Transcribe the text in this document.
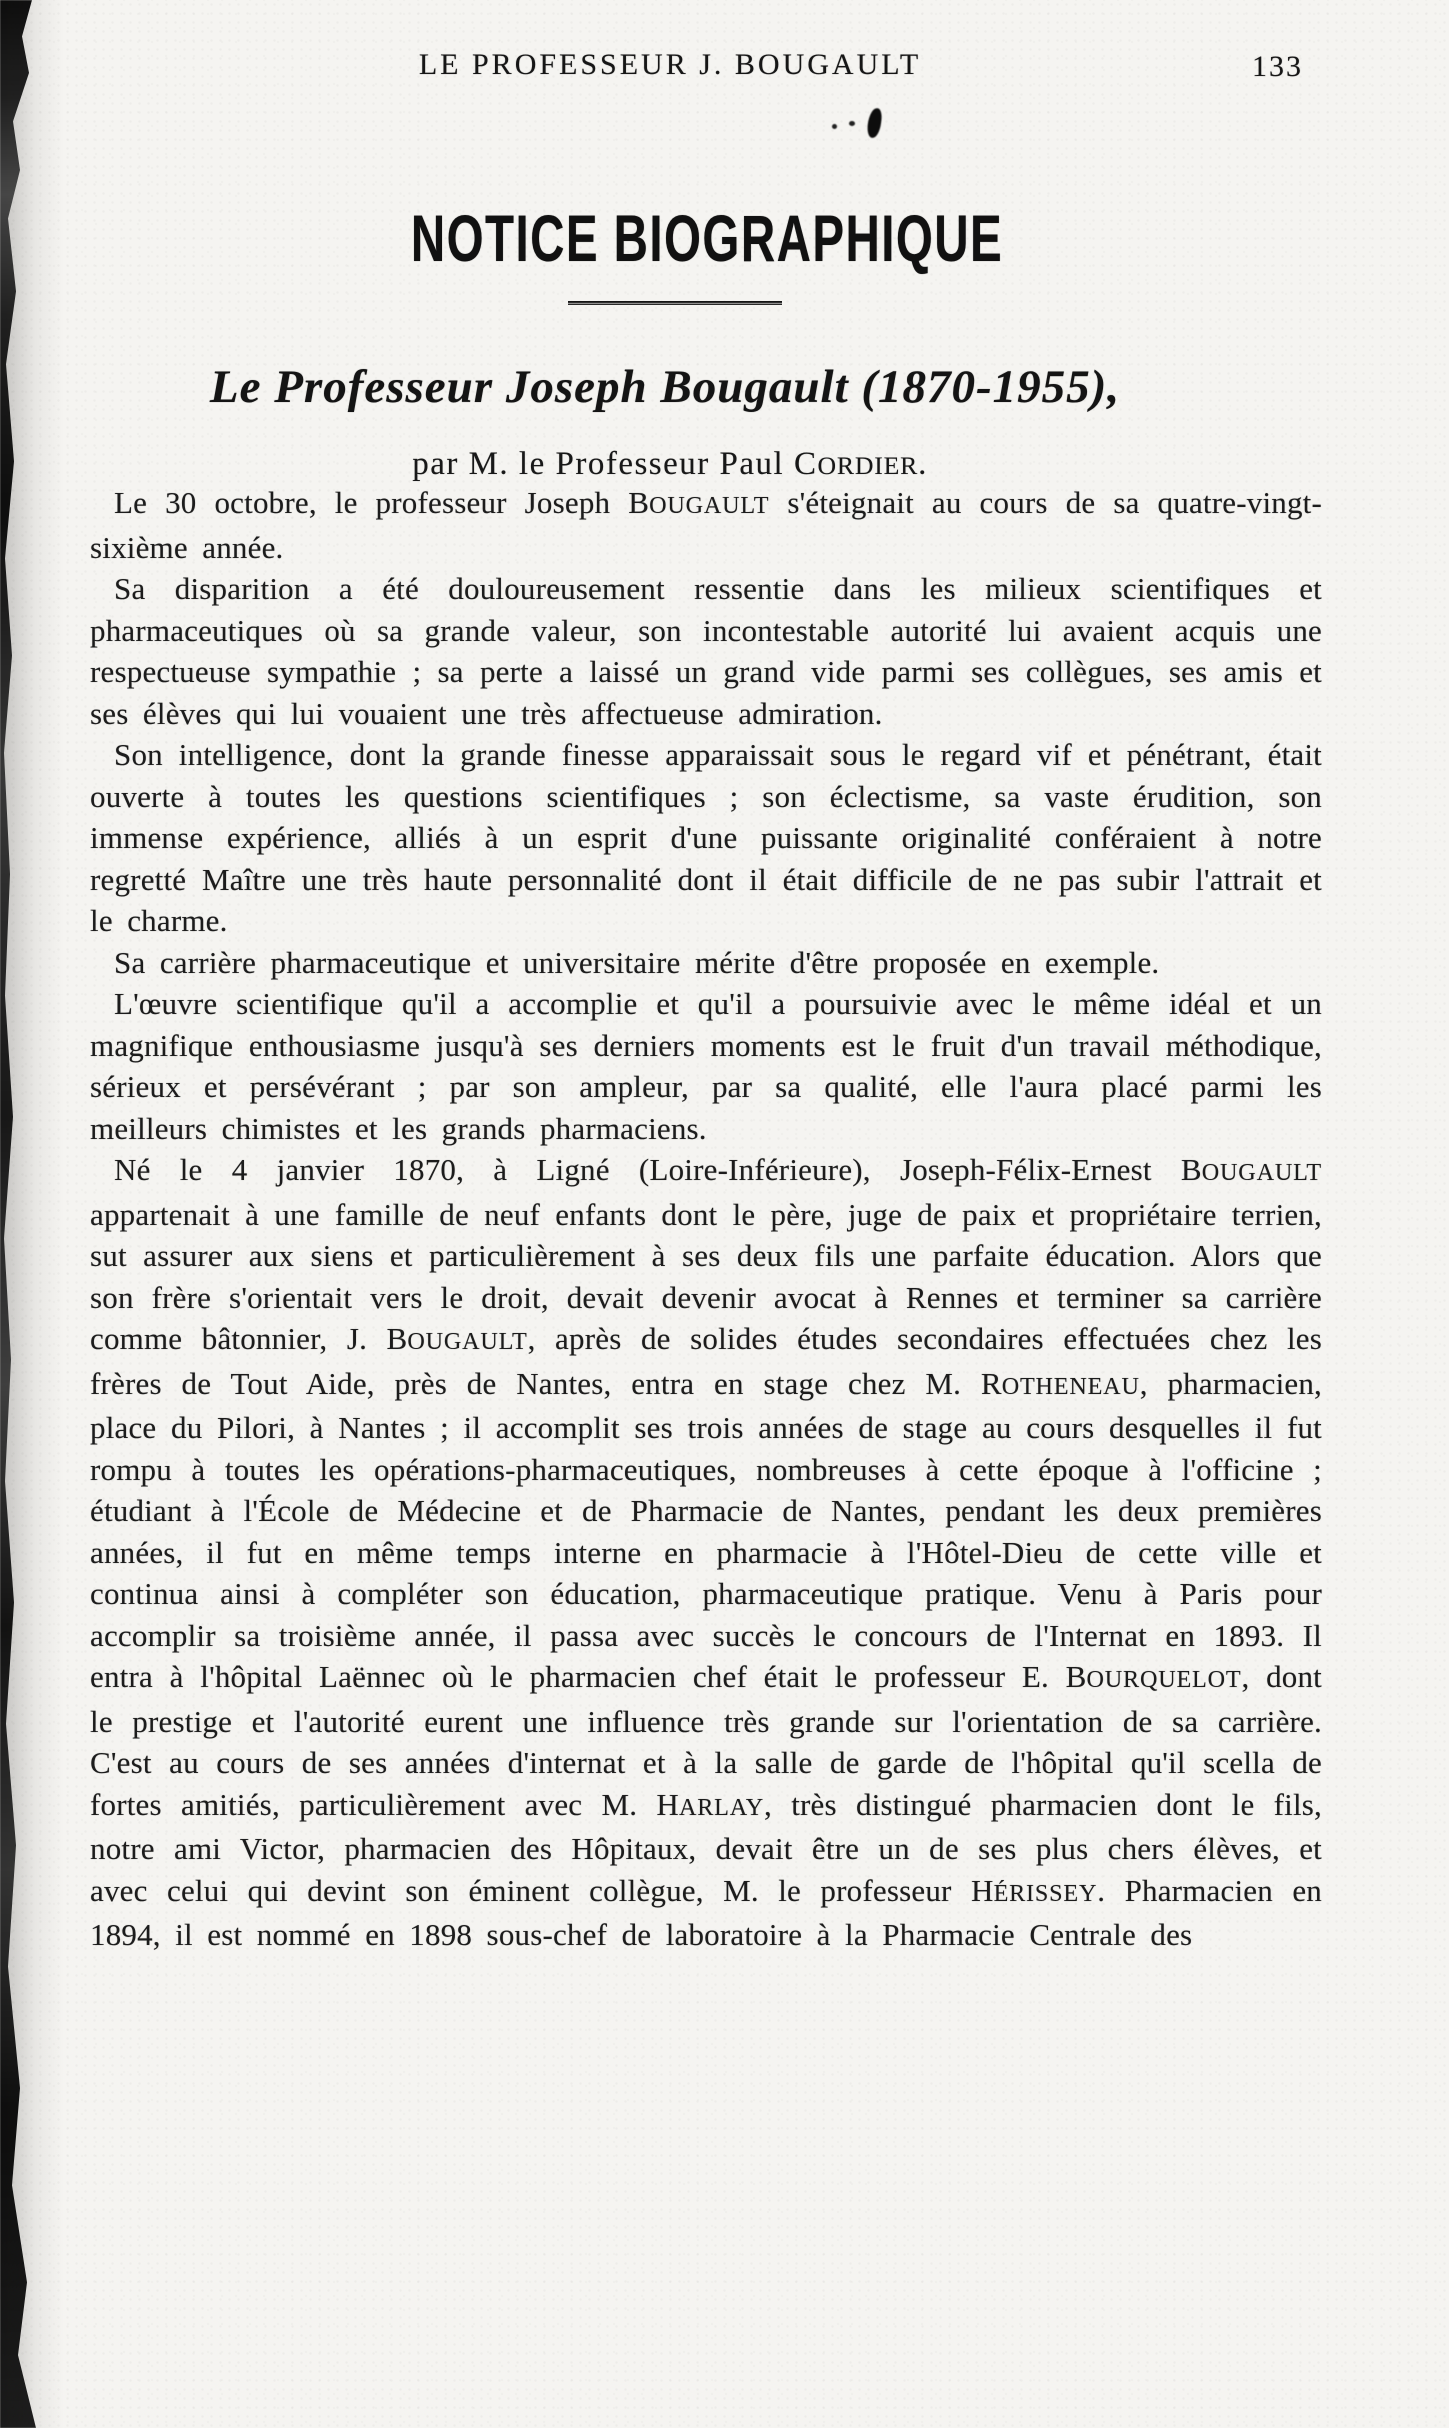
LE PROFESSEUR J. BOUGAULT	133
NOTICE BIOGRAPHIQUE
Le Professeur Joseph Bougault (1870-1955),
par M. le Professeur Paul CORDIER.

Le 30 octobre, le professeur Joseph BOUGAULT s'éteignait au cours de sa quatre-vingt-sixième année.

Sa disparition a été douloureusement ressentie dans les milieux scientifiques et pharmaceutiques où sa grande valeur, son incontestable autorité lui avaient acquis une respectueuse sympathie ; sa perte a laissé un grand vide parmi ses collègues, ses amis et ses élèves qui lui vouaient une très affectueuse admiration.

Son intelligence, dont la grande finesse apparaissait sous le regard vif et pénétrant, était ouverte à toutes les questions scientifiques ; son éclectisme, sa vaste érudition, son immense expérience, alliés à un esprit d'une puissante originalité conféraient à notre regretté Maître une très haute personnalité dont il était difficile de ne pas subir l'attrait et le charme.

Sa carrière pharmaceutique et universitaire mérite d'être proposée en exemple.

L'œuvre scientifique qu'il a accomplie et qu'il a poursuivie avec le même idéal et un magnifique enthousiasme jusqu'à ses derniers moments est le fruit d'un travail méthodique, sérieux et persévérant ; par son ampleur, par sa qualité, elle l'aura placé parmi les meilleurs chimistes et les grands pharmaciens.

Né le 4 janvier 1870, à Ligné (Loire-Inférieure), Joseph-Félix-Ernest BOUGAULT appartenait à une famille de neuf enfants dont le père, juge de paix et propriétaire terrien, sut assurer aux siens et particulièrement à ses deux fils une parfaite éducation. Alors que son frère s'orientait vers le droit, devait devenir avocat à Rennes et terminer sa carrière comme bâtonnier, J. BOUGAULT, après de solides études secondaires effectuées chez les frères de Tout Aide, près de Nantes, entra en stage chez M. ROTHENEAU, pharmacien, place du Pilori, à Nantes ; il accomplit ses trois années de stage au cours desquelles il fut rompu à toutes les opérations-pharmaceutiques, nombreuses à cette époque à l'officine ; étudiant à l'École de Médecine et de Pharmacie de Nantes, pendant les deux premières années, il fut en même temps interne en pharmacie à l'Hôtel-Dieu de cette ville et continua ainsi à compléter son éducation, pharmaceutique pratique. Venu à Paris pour accomplir sa troisième année, il passa avec succès le concours de l'Internat en 1893. Il entra à l'hôpital Laënnec où le pharmacien chef était le professeur E. BOURQUELOT, dont le prestige et l'autorité eurent une influence très grande sur l'orientation de sa carrière. C'est au cours de ses années d'internat et à la salle de garde de l'hôpital qu'il scella de fortes amitiés, particulièrement avec M. HARLAY, très distingué pharmacien dont le fils, notre ami Victor, pharmacien des Hôpitaux, devait être un de ses plus chers élèves, et avec celui qui devint son éminent collègue, M. le professeur HÉRISSEY. Pharmacien en 1894, il est nommé en 1898 sous-chef de laboratoire à la Pharmacie Centrale des
